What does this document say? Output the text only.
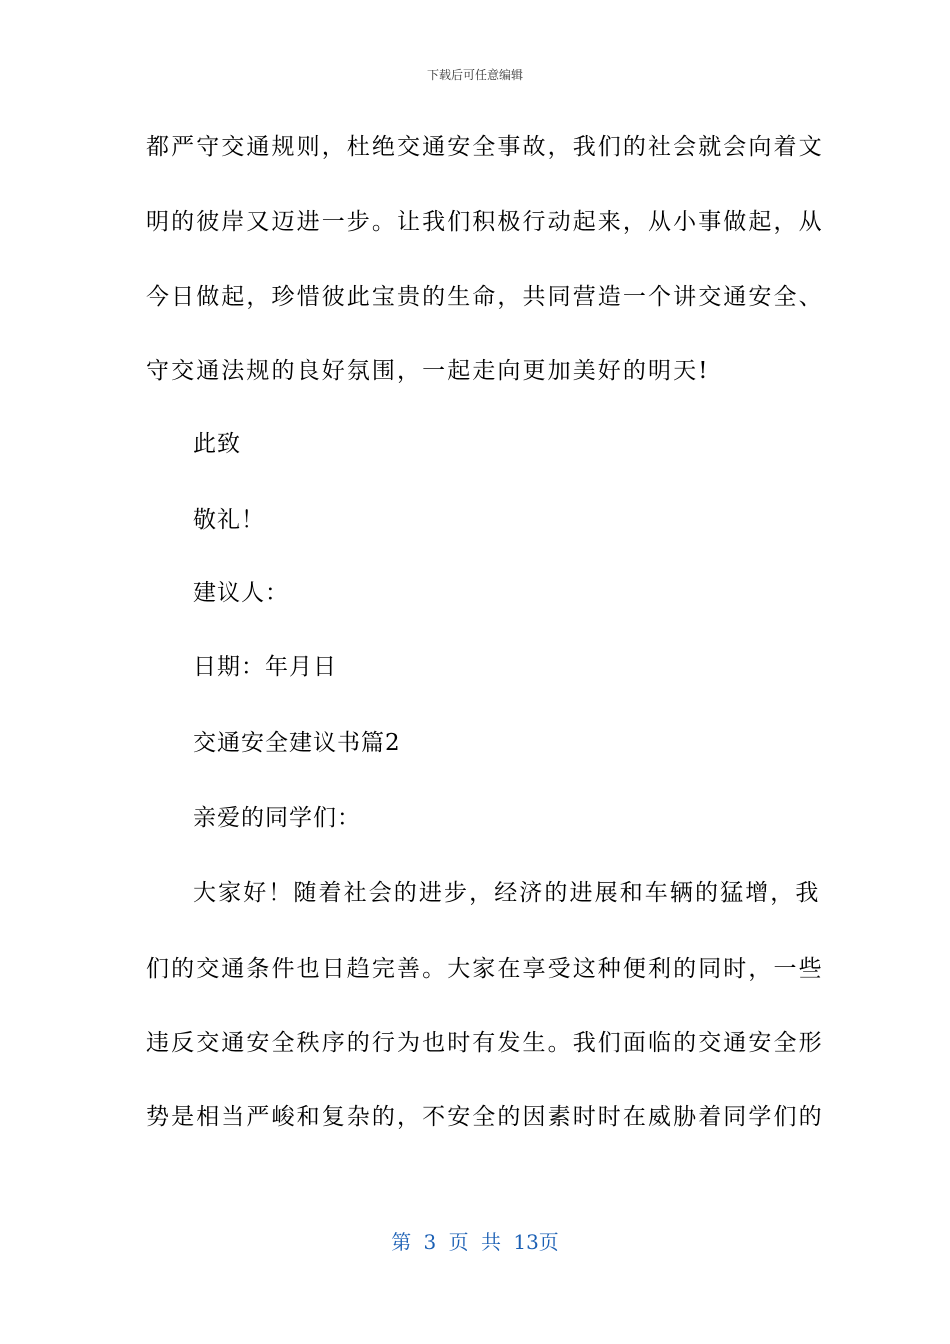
下载后可任意编辑
都严守交通规则，杜绝交通安全事故，我们的社会就会向着文
明的彼岸又迈进一步。让我们积极行动起来，从小事做起，从
今日做起，珍惜彼此宝贵的生命，共同营造一个讲交通安全、
守交通法规的良好氛围，一起走向更加美好的明天!
此致
敬礼！
建议人：
日期：年月日
交通安全建议书篇2
亲爱的同学们：
大家好！随着社会的进步，经济的进展和车辆的猛增，我
们的交通条件也日趋完善。大家在享受这种便利的同时，一些
违反交通安全秩序的行为也时有发生。我们面临的交通安全形
势是相当严峻和复杂的，不安全的因素时时在威胁着同学们的
第 3 页 共 13页
